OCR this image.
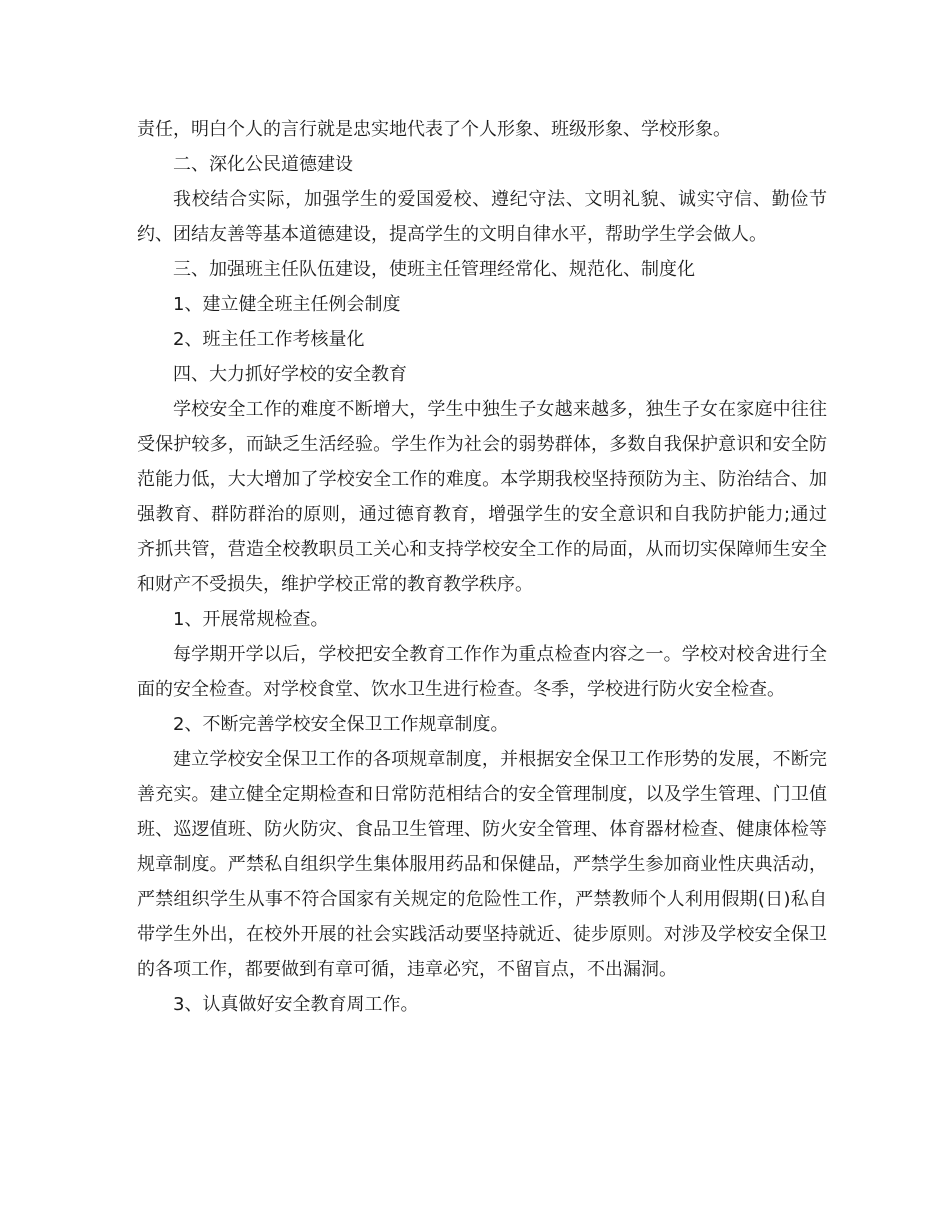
责任，明白个人的言行就是忠实地代表了个人形象、班级形象、学校形象。

二、深化公民道德建设

我校结合实际，加强学生的爱国爱校、遵纪守法、文明礼貌、诚实守信、勤俭节约、团结友善等基本道德建设，提高学生的文明自律水平，帮助学生学会做人。

三、加强班主任队伍建设，使班主任管理经常化、规范化、制度化

1、建立健全班主任例会制度

2、班主任工作考核量化

四、大力抓好学校的安全教育

学校安全工作的难度不断增大，学生中独生子女越来越多，独生子女在家庭中往往受保护较多，而缺乏生活经验。学生作为社会的弱势群体，多数自我保护意识和安全防范能力低，大大增加了学校安全工作的难度。本学期我校坚持预防为主、防治结合、加强教育、群防群治的原则，通过德育教育，增强学生的安全意识和自我防护能力;通过齐抓共管，营造全校教职员工关心和支持学校安全工作的局面，从而切实保障师生安全和财产不受损失，维护学校正常的教育教学秩序。

1、开展常规检查。

每学期开学以后，学校把安全教育工作作为重点检查内容之一。学校对校舍进行全面的安全检查。对学校食堂、饮水卫生进行检查。冬季，学校进行防火安全检查。

2、不断完善学校安全保卫工作规章制度。

建立学校安全保卫工作的各项规章制度，并根据安全保卫工作形势的发展，不断完善充实。建立健全定期检查和日常防范相结合的安全管理制度，以及学生管理、门卫值班、巡逻值班、防火防灾、食品卫生管理、防火安全管理、体育器材检查、健康体检等规章制度。严禁私自组织学生集体服用药品和保健品，严禁学生参加商业性庆典活动，严禁组织学生从事不符合国家有关规定的危险性工作，严禁教师个人利用假期(日)私自带学生外出，在校外开展的社会实践活动要坚持就近、徒步原则。对涉及学校安全保卫的各项工作，都要做到有章可循，违章必究，不留盲点，不出漏洞。

3、认真做好安全教育周工作。
